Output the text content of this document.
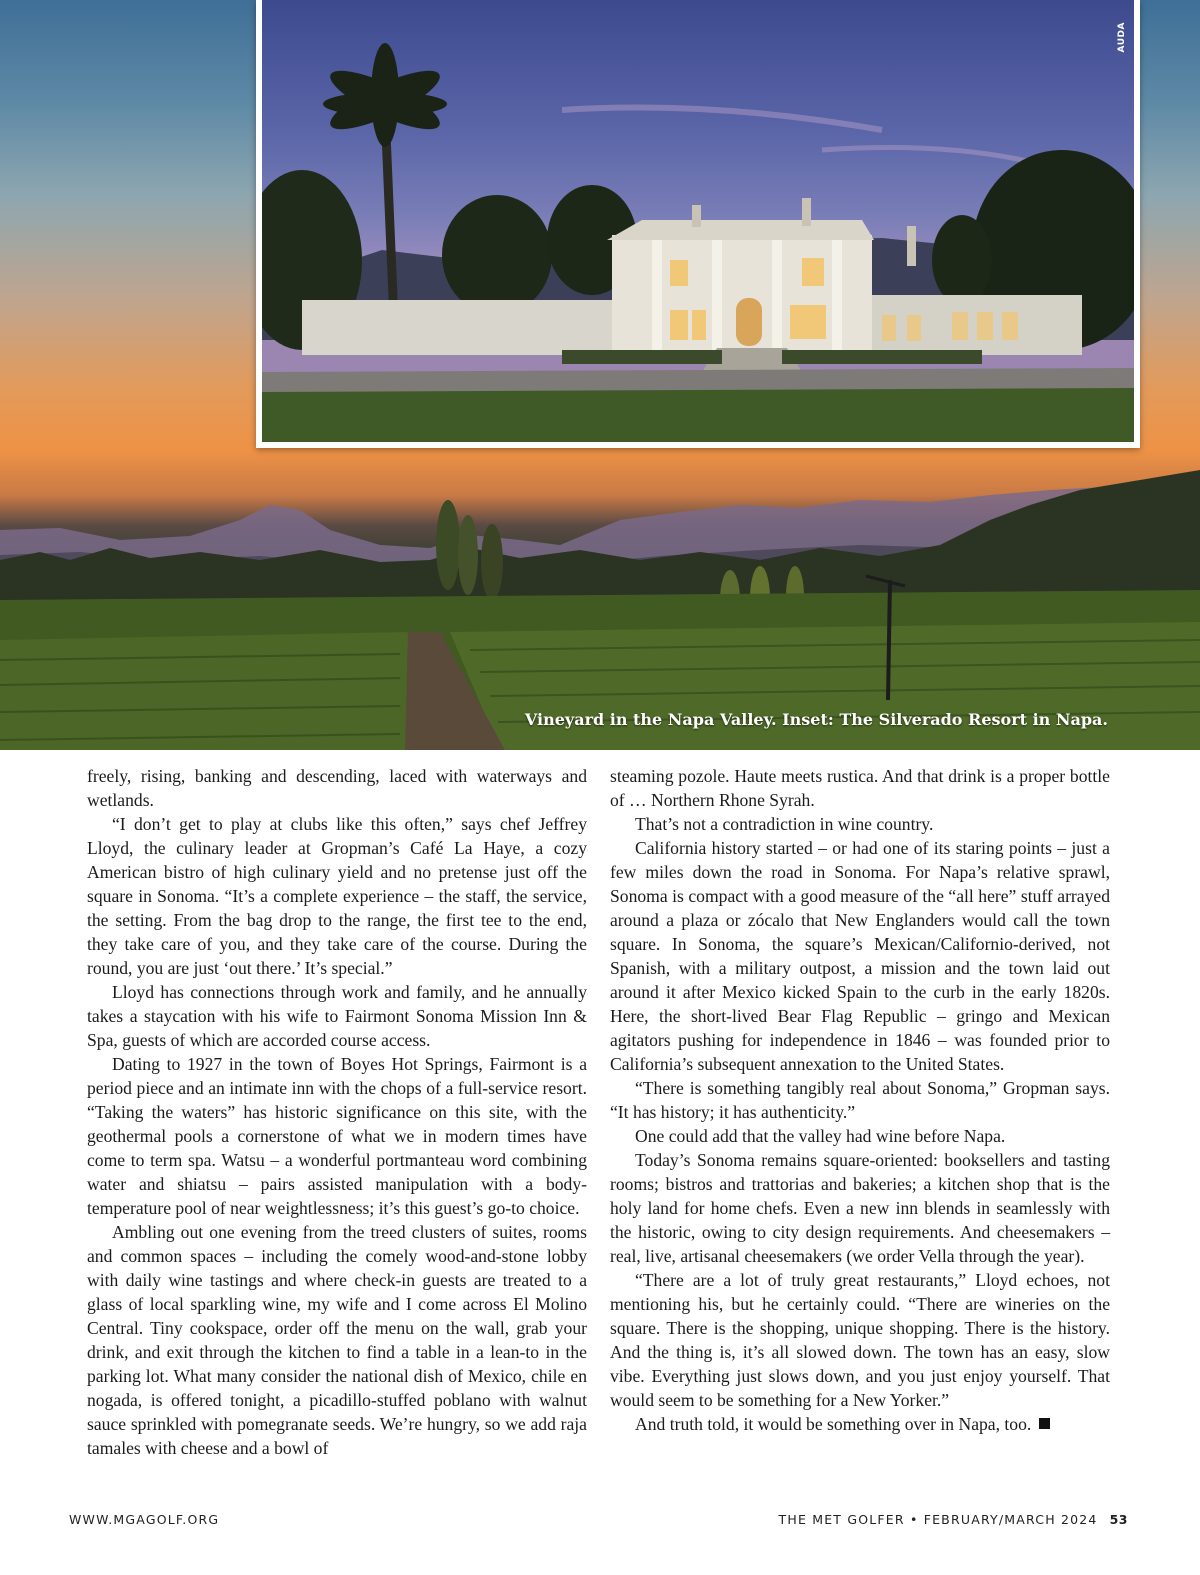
Vineyard in the Napa Valley. Inset: The Silverado Resort in Napa.
AUDA

freely, rising, banking and descending, laced with waterways and wetlands.

“I don’t get to play at clubs like this often,” says chef Jeffrey Lloyd, the culinary leader at Gropman’s Café La Haye, a cozy American bistro of high culinary yield and no pretense just off the square in Sonoma. “It’s a complete experience – the staff, the service, the setting. From the bag drop to the range, the first tee to the end, they take care of you, and they take care of the course. During the round, you are just ‘out there.’ It’s special.”

Lloyd has connections through work and family, and he annually takes a staycation with his wife to Fairmont Sonoma Mission Inn & Spa, guests of which are accorded course access.

Dating to 1927 in the town of Boyes Hot Springs, Fairmont is a period piece and an intimate inn with the chops of a full-service resort. “Taking the waters” has historic significance on this site, with the geothermal pools a cornerstone of what we in modern times have come to term spa. Watsu – a wonderful portmanteau word combining water and shiatsu – pairs assisted manipulation with a body-temperature pool of near weightlessness; it’s this guest’s go-to choice.

Ambling out one evening from the treed clusters of suites, rooms and common spaces – including the comely wood-and-stone lobby with daily wine tastings and where check-in guests are treated to a glass of local sparkling wine, my wife and I come across El Molino Central. Tiny cookspace, order off the menu on the wall, grab your drink, and exit through the kitchen to find a table in a lean-to in the parking lot. What many consider the national dish of Mexico, chile en nogada, is offered tonight, a picadillo-stuffed poblano with walnut sauce sprinkled with pomegranate seeds. We’re hungry, so we add raja tamales with cheese and a bowl of

steaming pozole. Haute meets rustica. And that drink is a proper bottle of … Northern Rhone Syrah.

That’s not a contradiction in wine country.

California history started – or had one of its staring points – just a few miles down the road in Sonoma. For Napa’s relative sprawl, Sonoma is compact with a good measure of the “all here” stuff arrayed around a plaza or zócalo that New Englanders would call the town square. In Sonoma, the square’s Mexican/Californio-derived, not Spanish, with a military outpost, a mission and the town laid out around it after Mexico kicked Spain to the curb in the early 1820s. Here, the short-lived Bear Flag Republic – gringo and Mexican agitators pushing for independence in 1846 – was founded prior to California’s subsequent annexation to the United States.

“There is something tangibly real about Sonoma,” Gropman says. “It has history; it has authenticity.”

One could add that the valley had wine before Napa.

Today’s Sonoma remains square-oriented: booksellers and tasting rooms; bistros and trattorias and bakeries; a kitchen shop that is the holy land for home chefs. Even a new inn blends in seamlessly with the historic, owing to city design requirements. And cheesemakers – real, live, artisanal cheesemakers (we order Vella through the year).

“There are a lot of truly great restaurants,” Lloyd echoes, not mentioning his, but he certainly could. “There are wineries on the square. There is the shopping, unique shopping. There is the history. And the thing is, it’s all slowed down. The town has an easy, slow vibe. Everything just slows down, and you just enjoy yourself. That would seem to be something for a New Yorker.”

And truth told, it would be something over in Napa, too.

WWW.MGAGOLF.ORG	THE MET GOLFER • FEBRUARY/MARCH 2024 53
